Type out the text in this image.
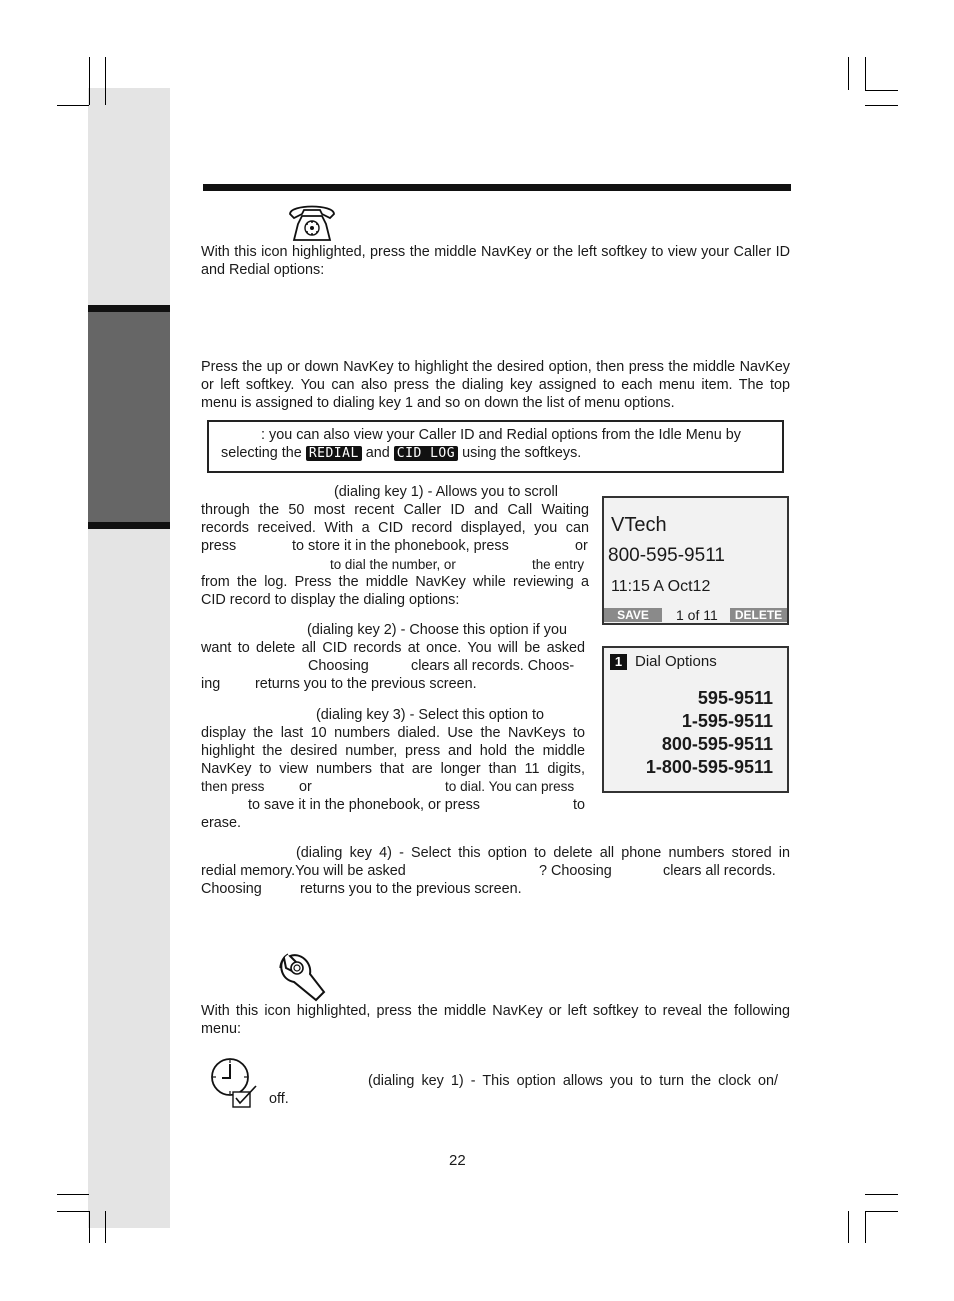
With this icon highlighted, press the middle NavKey or the left softkey to view your Caller ID and Redial options:
Press the up or down NavKey to highlight the desired option, then press the middle NavKey or left softkey. You can also press the dialing key assigned to each menu item. The top menu is assigned to dialing key 1 and so on down the list of menu options.
: you can also view your Caller ID and Redial options from the Idle Menu by selecting the REDIAL and CID LOG using the softkeys.
(dialing key 1) - Allows you to scroll
through the 50 most recent Caller ID and Call Waiting
records received. With a CID record displayed, you can
press	to store it in the phonebook, press	or
to dial the number, or	the entry
from the log. Press the middle NavKey while reviewing a
CID record to display the dialing options:
(dialing key 2) - Choose this option if you
want to delete all CID records at once. You will be asked
Choosing	clears all records. Choos-
ing returns you to the previous screen.
(dialing key 3) - Select this option to
display the last 10 numbers dialed. Use the NavKeys to
highlight the desired number, press and hold the middle
NavKey to view numbers that are longer than 11 digits,
then press or	to dial. You can press
to save it in the phonebook, or press	to
erase.
(dialing key 4) - Select this option to delete all phone numbers stored in
redial memory.You will be asked	? Choosing	clears all records.
Choosing	returns you to the previous screen.
VTech
800-595-9511
11:15 A Oct12
SAVE	1 of 11	DELETE
1 Dial Options
595-9511
1-595-9511
800-595-9511
1-800-595-9511
With this icon highlighted, press the middle NavKey or left softkey to reveal the following menu:
(dialing key 1) - This option allows you to turn the clock on/
off.
22
